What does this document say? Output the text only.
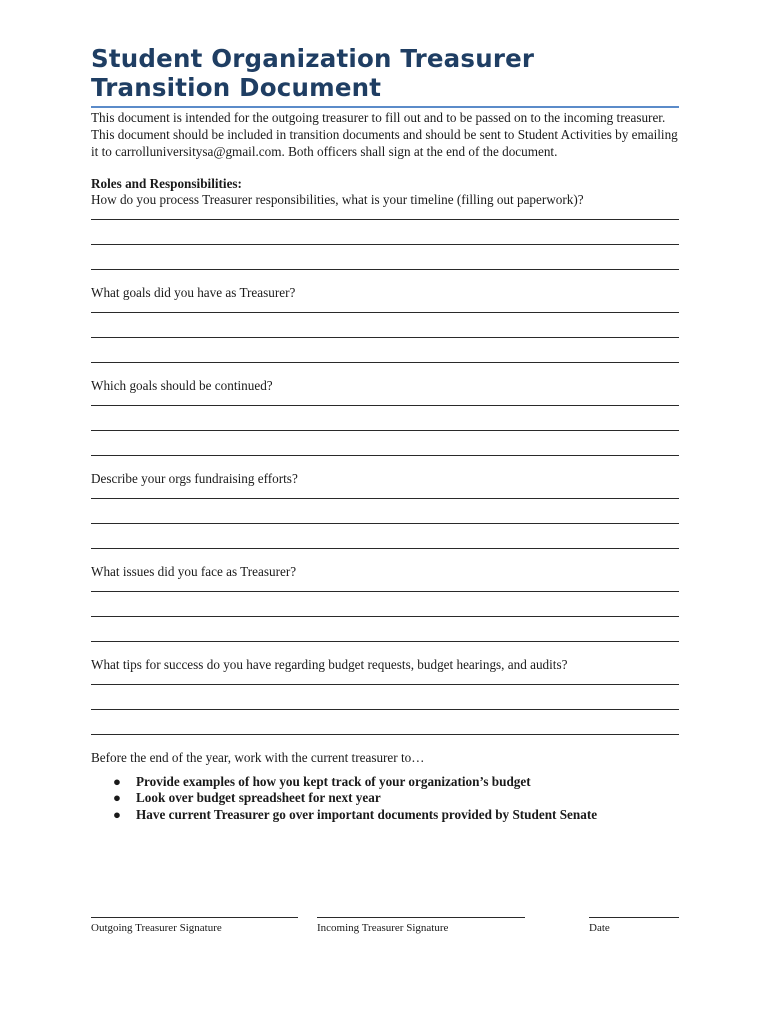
Student Organization Treasurer Transition Document
This document is intended for the outgoing treasurer to fill out and to be passed on to the incoming treasurer. This document should be included in transition documents and should be sent to Student Activities by emailing it to carrolluniversitysa@gmail.com. Both officers shall sign at the end of the document.
Roles and Responsibilities:
How do you process Treasurer responsibilities, what is your timeline (filling out paperwork)?
What goals did you have as Treasurer?
Which goals should be continued?
Describe your orgs fundraising efforts?
What issues did you face as Treasurer?
What tips for success do you have regarding budget requests, budget hearings, and audits?
Before the end of the year, work with the current treasurer to…
● Provide examples of how you kept track of your organization’s budget
● Look over budget spreadsheet for next year
● Have current Treasurer go over important documents provided by Student Senate
Outgoing Treasurer Signature	Incoming Treasurer Signature	Date
